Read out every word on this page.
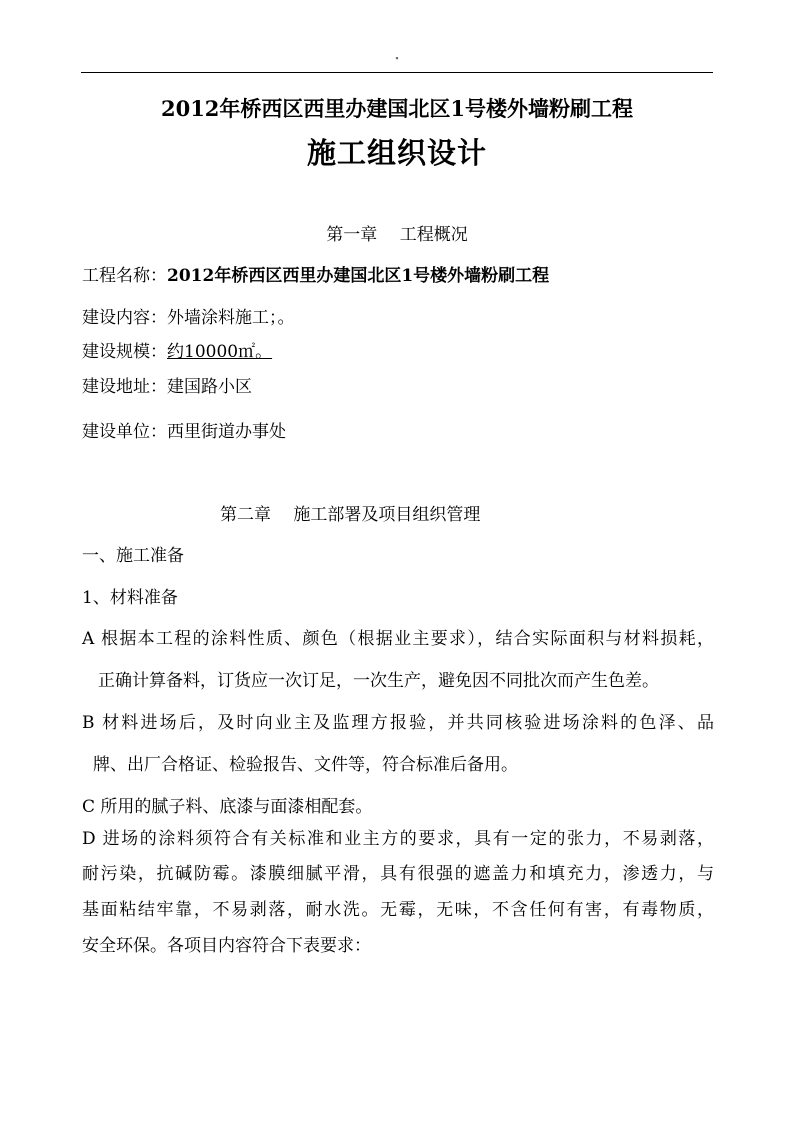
"
2012年桥西区西里办建国北区1号楼外墙粉刷工程
施工组织设计
第一章　 工程概况
工程名称：2012年桥西区西里办建国北区1号楼外墙粉刷工程
建设内容：外墙涂料施工；。
建设规模：约10000㎡。
建设地址：建国路小区
建设单位：西里街道办事处
第二章　 施工部署及项目组织管理
一、施工准备
1、材料准备
A 根据本工程的涂料性质、颜色（根据业主要求），结合实际面积与材料损耗，
正确计算备料，订货应一次订足，一次生产，避免因不同批次而产生色差。
B 材料进场后，及时向业主及监理方报验，并共同核验进场涂料的色泽、品
牌、出厂合格证、检验报告、文件等，符合标准后备用。
C 所用的腻子料、底漆与面漆相配套。
D 进场的涂料须符合有关标准和业主方的要求，具有一定的张力，不易剥落，
耐污染，抗碱防霉。漆膜细腻平滑，具有很强的遮盖力和填充力，渗透力，与
基面粘结牢靠，不易剥落，耐水洗。无霉，无味，不含任何有害，有毒物质，
安全环保。各项目内容符合下表要求：
